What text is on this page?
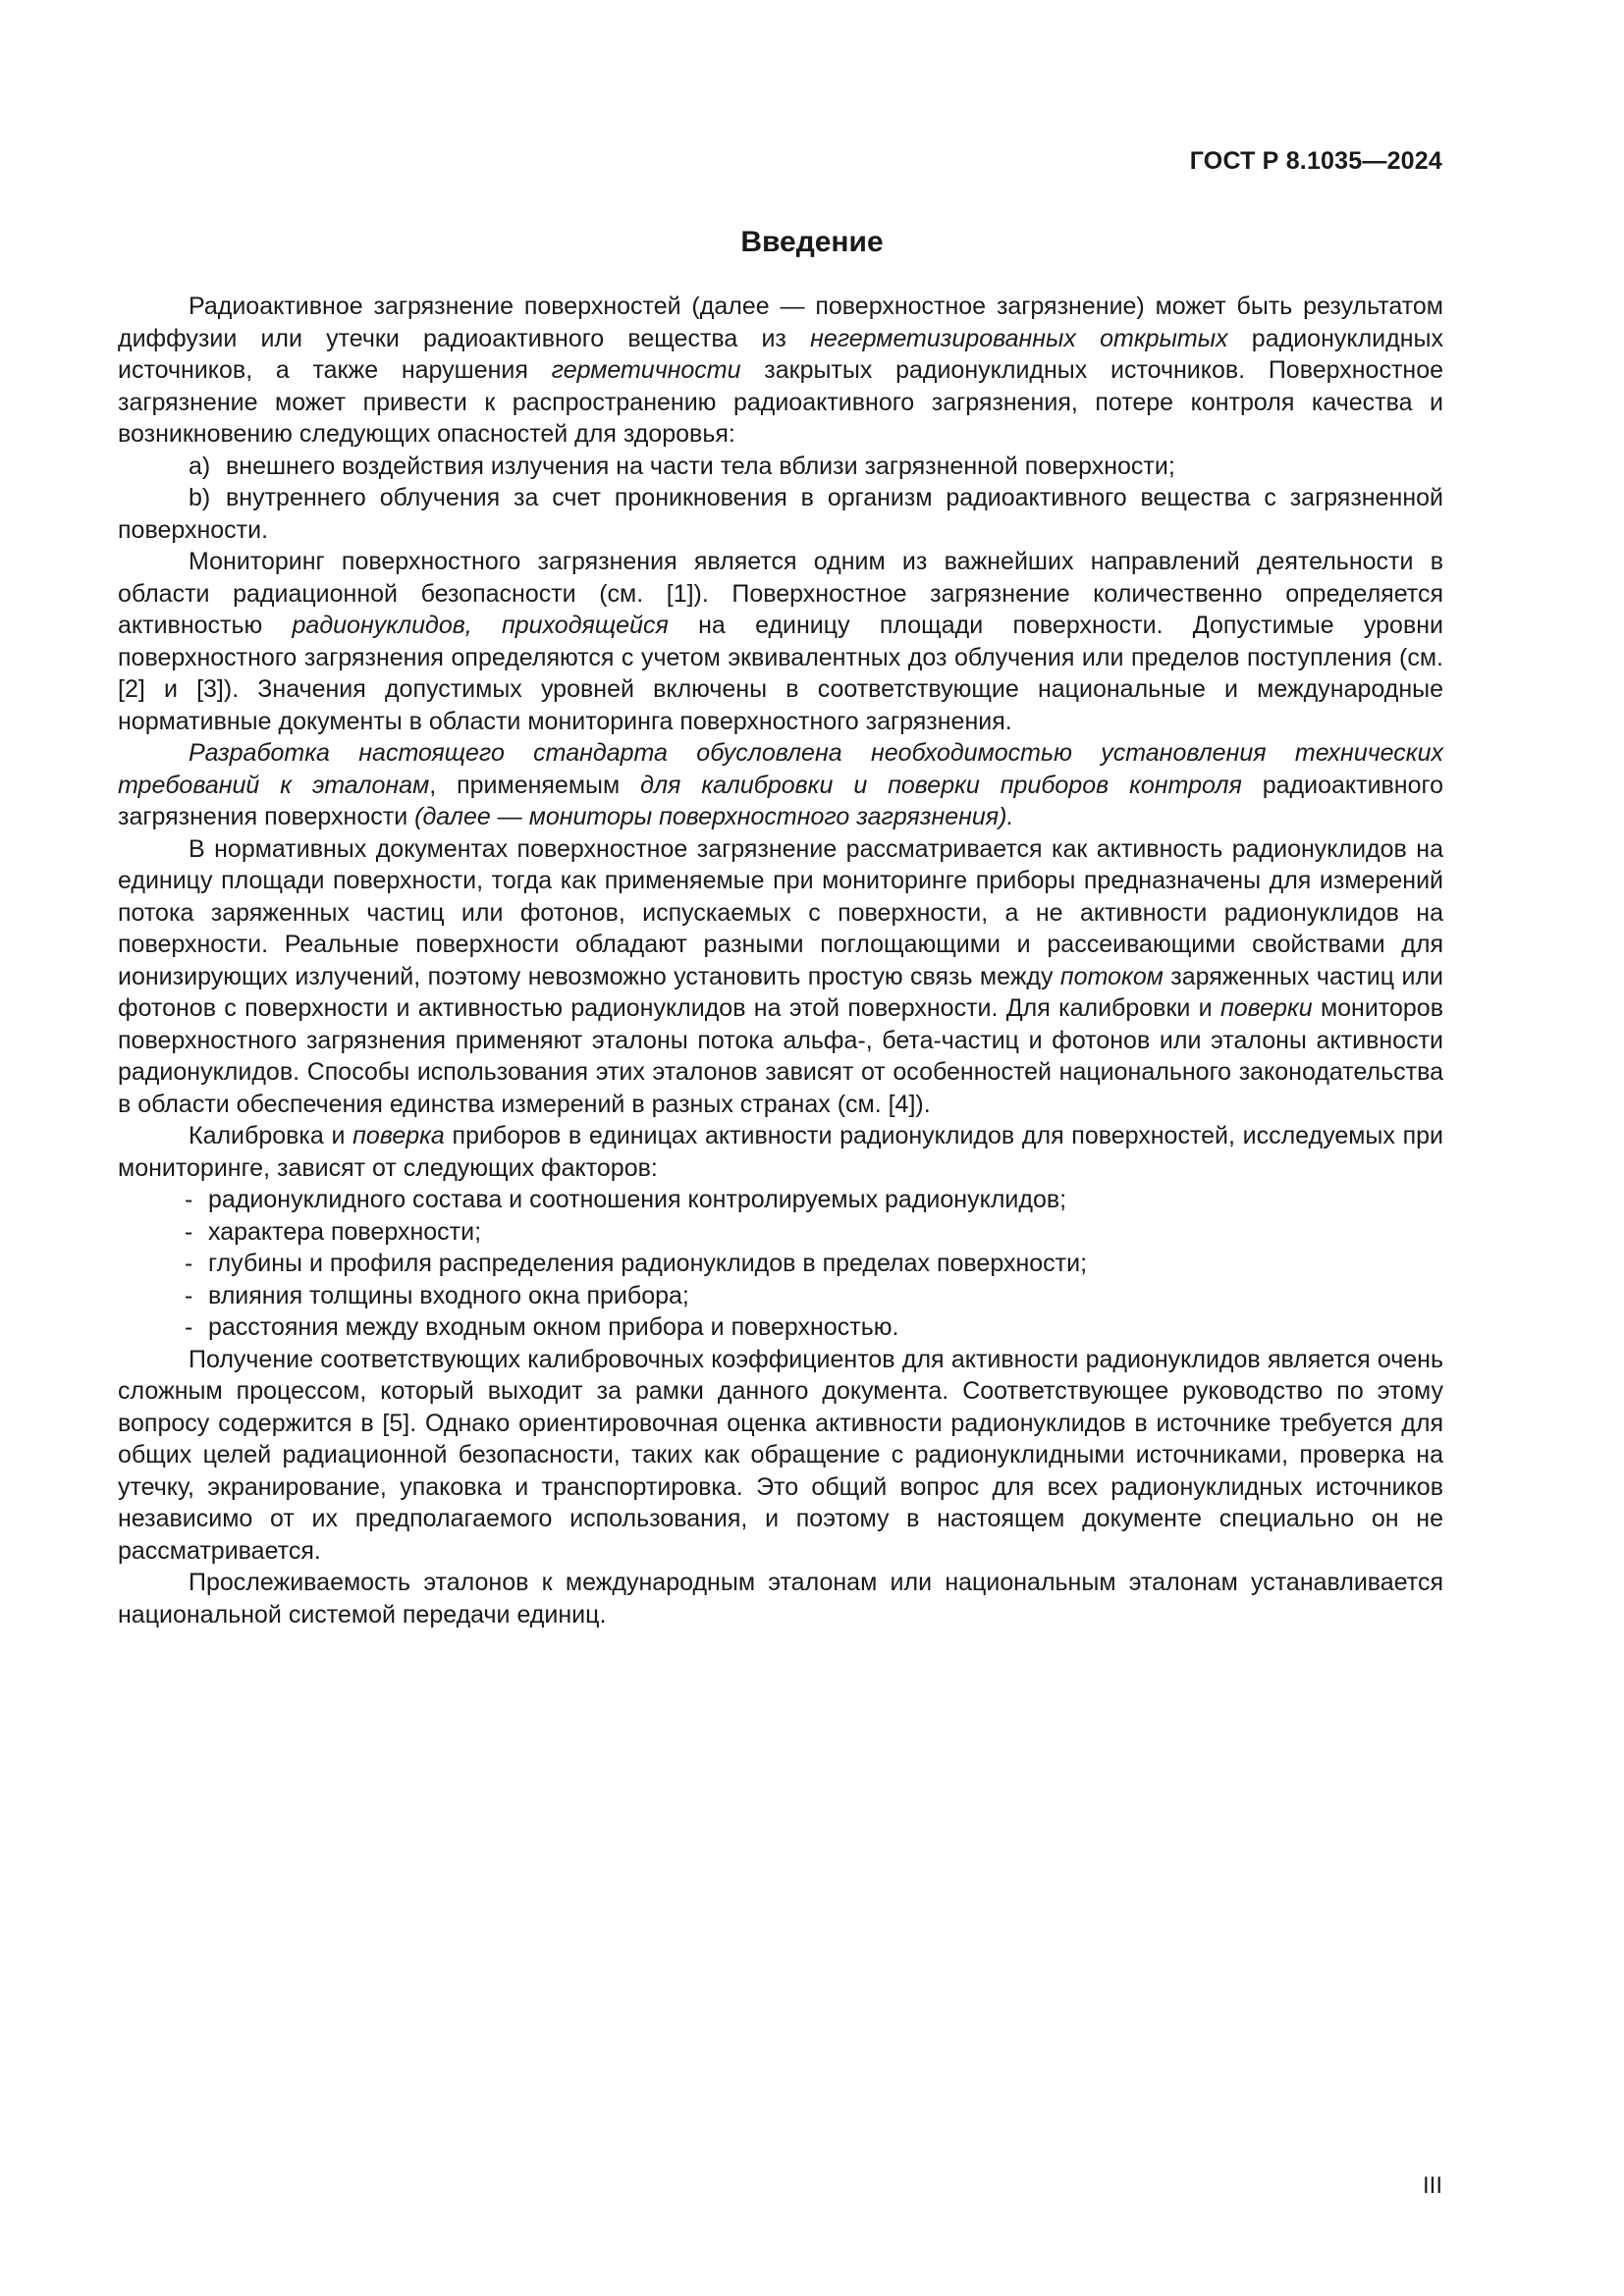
ГОСТ Р 8.1035—2024
Введение

Радиоактивное загрязнение поверхностей (далее — поверхностное загрязнение) может быть результатом диффузии или утечки радиоактивного вещества из негерметизированных открытых радионуклидных источников, а также нарушения герметичности закрытых радионуклидных источников. Поверхностное загрязнение может привести к распространению радиоактивного загрязнения, потере контроля качества и возникновению следующих опасностей для здоровья:

a) внешнего воздействия излучения на части тела вблизи загрязненной поверхности;

b) внутреннего облучения за счет проникновения в организм радиоактивного вещества с загрязненной поверхности.

Мониторинг поверхностного загрязнения является одним из важнейших направлений деятельности в области радиационной безопасности (см. [1]). Поверхностное загрязнение количественно определяется активностью радионуклидов, приходящейся на единицу площади поверхности. Допустимые уровни поверхностного загрязнения определяются с учетом эквивалентных доз облучения или пределов поступления (см. [2] и [3]). Значения допустимых уровней включены в соответствующие национальные и международные нормативные документы в области мониторинга поверхностного загрязнения.

Разработка настоящего стандарта обусловлена необходимостью установления технических требований к эталонам, применяемым для калибровки и поверки приборов контроля радиоактивного загрязнения поверхности (далее — мониторы поверхностного загрязнения).

В нормативных документах поверхностное загрязнение рассматривается как активность радионуклидов на единицу площади поверхности, тогда как применяемые при мониторинге приборы предназначены для измерений потока заряженных частиц или фотонов, испускаемых с поверхности, а не активности радионуклидов на поверхности. Реальные поверхности обладают разными поглощающими и рассеивающими свойствами для ионизирующих излучений, поэтому невозможно установить простую связь между потоком заряженных частиц или фотонов с поверхности и активностью радионуклидов на этой поверхности. Для калибровки и поверки мониторов поверхностного загрязнения применяют эталоны потока альфа-, бета-частиц и фотонов или эталоны активности радионуклидов. Способы использования этих эталонов зависят от особенностей национального законодательства в области обеспечения единства измерений в разных странах (см. [4]).

Калибровка и поверка приборов в единицах активности радионуклидов для поверхностей, исследуемых при мониторинге, зависят от следующих факторов:

- радионуклидного состава и соотношения контролируемых радионуклидов;

- характера поверхности;

- глубины и профиля распределения радионуклидов в пределах поверхности;

- влияния толщины входного окна прибора;

- расстояния между входным окном прибора и поверхностью.

Получение соответствующих калибровочных коэффициентов для активности радионуклидов является очень сложным процессом, который выходит за рамки данного документа. Соответствующее руководство по этому вопросу содержится в [5]. Однако ориентировочная оценка активности радионуклидов в источнике требуется для общих целей радиационной безопасности, таких как обращение с радионуклидными источниками, проверка на утечку, экранирование, упаковка и транспортировка. Это общий вопрос для всех радионуклидных источников независимо от их предполагаемого использования, и поэтому в настоящем документе специально он не рассматривается.

Прослеживаемость эталонов к международным эталонам или национальным эталонам устанавливается национальной системой передачи единиц.

III
